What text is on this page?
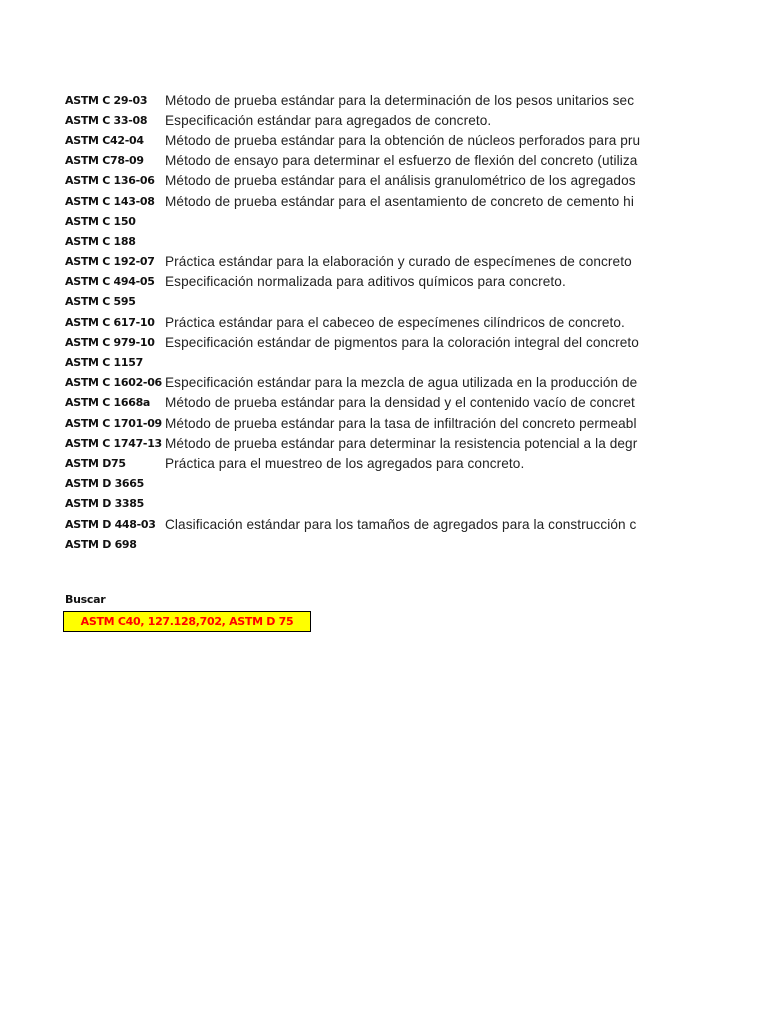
ASTM C 29-03	Método de prueba estándar para la determinación de los pesos unitarios sec
ASTM C 33-08	Especificación estándar para agregados de concreto.
ASTM C42-04	Método de prueba estándar para la obtención de núcleos perforados para pru
ASTM C78-09	Método de ensayo para determinar el esfuerzo de flexión del concreto (utiliza
ASTM C 136-06 Método de prueba estándar para el análisis granulométrico de los agregados
ASTM C 143-08 Método de prueba estándar para el asentamiento de concreto de cemento hi
ASTM C 150
ASTM C 188
ASTM C 192-07 Práctica estándar para la elaboración y curado de especímenes de concreto
ASTM C 494-05 Especificación normalizada para aditivos químicos para concreto.
ASTM C 595
ASTM C 617-10 Práctica estándar para el cabeceo de especímenes cilíndricos de concreto.
ASTM C 979-10 Especificación estándar de pigmentos para la coloración integral del concreto
ASTM C 1157
ASTM C 1602-06 Especificación estándar para la mezcla de agua utilizada en la producción de
ASTM C 1668a	Método de prueba estándar para la densidad y el contenido vacío de concret
ASTM C 1701-09 Método de prueba estándar para la tasa de infiltración del concreto permeabl
ASTM C 1747-13 Método de prueba estándar para determinar la resistencia potencial a la degr
ASTM D75	Práctica para el muestreo de los agregados para concreto.
ASTM D 3665
ASTM D 3385
ASTM D 448-03 Clasificación estándar para los tamaños de agregados para la construcción c
ASTM D 698
Buscar
ASTM C40, 127.128,702, ASTM D 75
